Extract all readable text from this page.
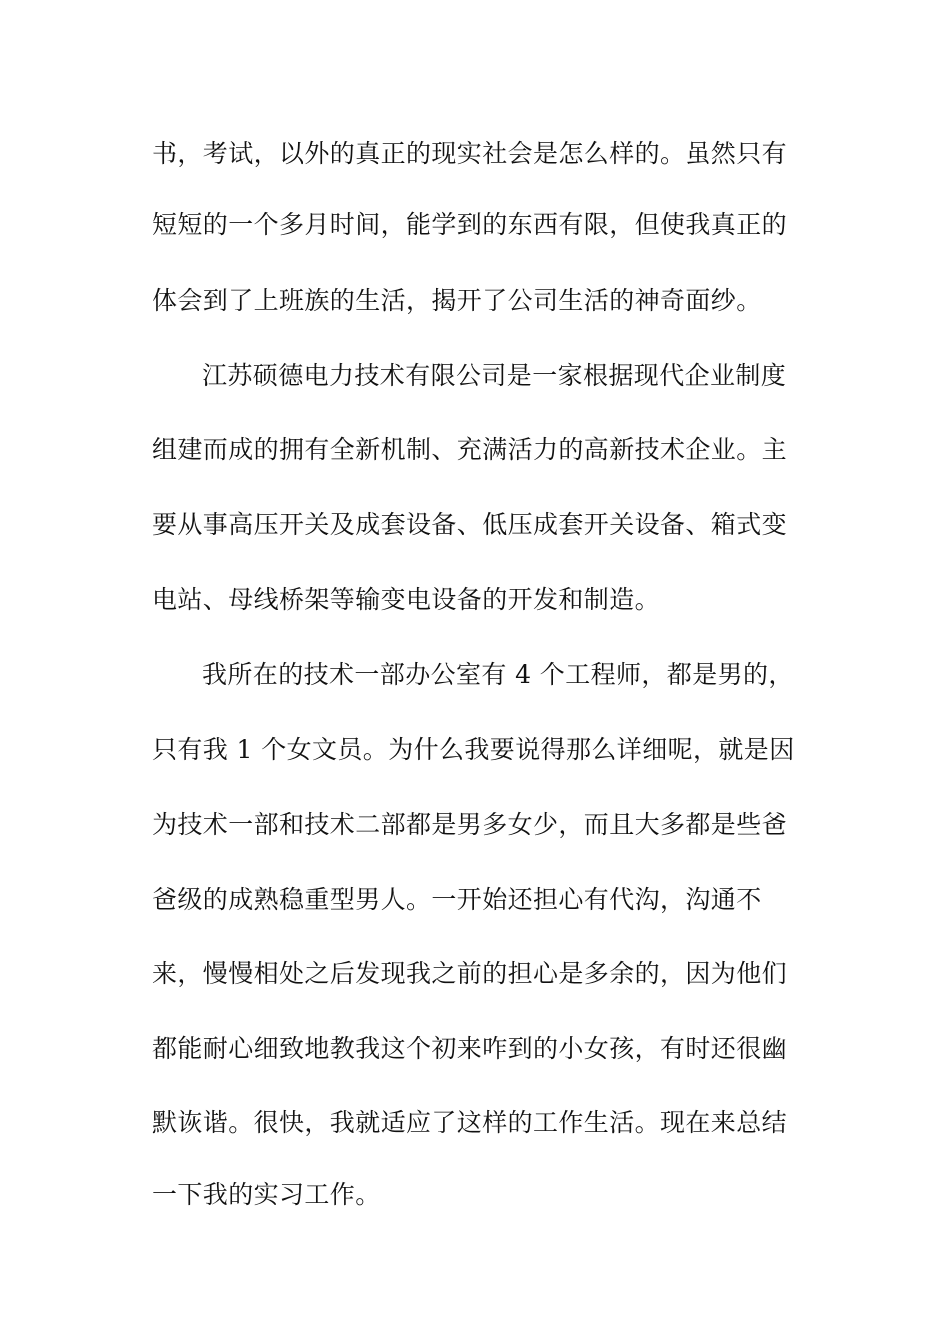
书，考试，以外的真正的现实社会是怎么样的。虽然只有
短短的一个多月时间，能学到的东西有限，但使我真正的
体会到了上班族的生活，揭开了公司生活的神奇面纱。
江苏硕德电力技术有限公司是一家根据现代企业制度
组建而成的拥有全新机制、充满活力的高新技术企业。主
要从事高压开关及成套设备、低压成套开关设备、箱式变
电站、母线桥架等输变电设备的开发和制造。
我所在的技术一部办公室有 4 个工程师，都是男的，
只有我 1 个女文员。为什么我要说得那么详细呢，就是因
为技术一部和技术二部都是男多女少，而且大多都是些爸
爸级的成熟稳重型男人。一开始还担心有代沟，沟通不
来，慢慢相处之后发现我之前的担心是多余的，因为他们
都能耐心细致地教我这个初来咋到的小女孩，有时还很幽
默诙谐。很快，我就适应了这样的工作生活。现在来总结
一下我的实习工作。
